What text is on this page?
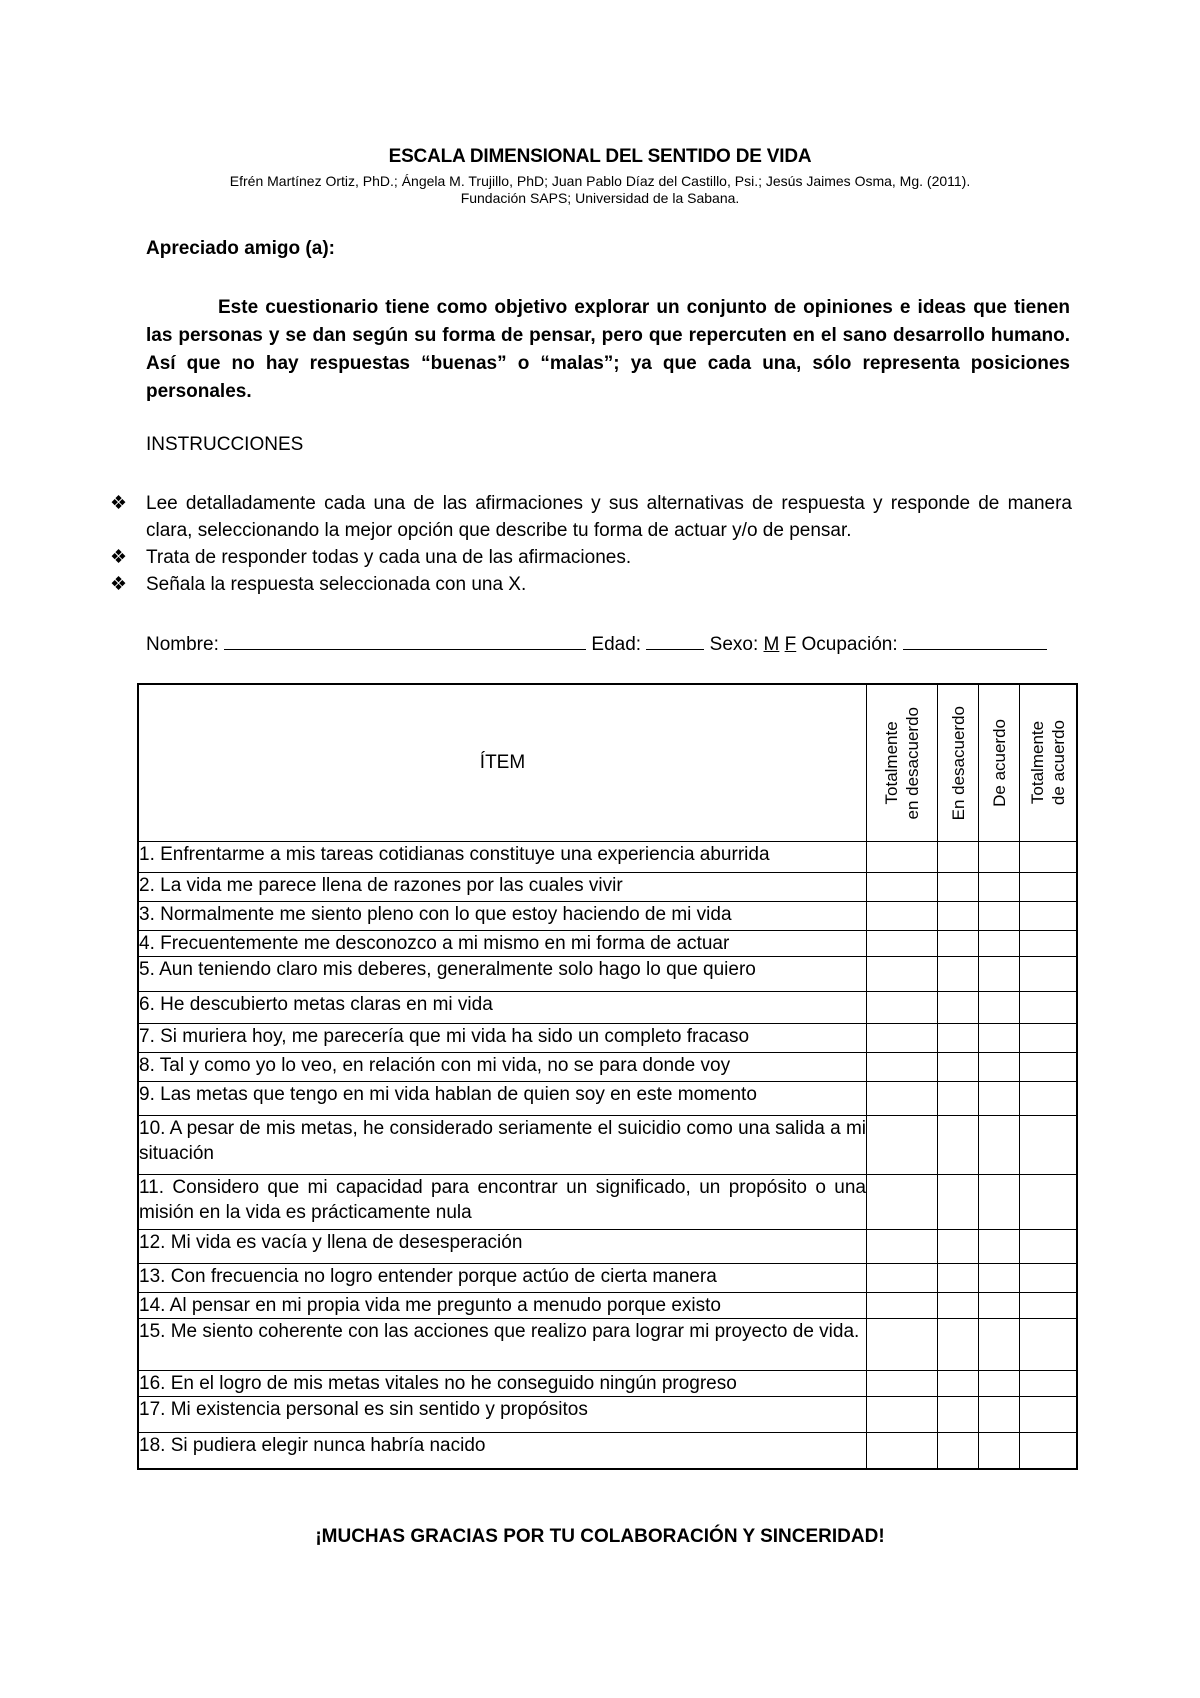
ESCALA DIMENSIONAL DEL SENTIDO DE VIDA
Efrén Martínez Ortiz, PhD.; Ángela M. Trujillo, PhD; Juan Pablo Díaz del Castillo, Psi.; Jesús Jaimes Osma, Mg. (2011).
Fundación SAPS; Universidad de la Sabana.
Apreciado amigo (a):
Este cuestionario tiene como objetivo explorar un conjunto de opiniones e ideas que tienen las personas y se dan según su forma de pensar, pero que repercuten en el sano desarrollo humano. Así que no hay respuestas “buenas” o “malas”; ya que cada una, sólo representa posiciones personales.
INSTRUCCIONES
❖ Lee detalladamente cada una de las afirmaciones y sus alternativas de respuesta y responde de manera clara, seleccionando la mejor opción que describe tu forma de actuar y/o de pensar.
❖ Trata de responder todas y cada una de las afirmaciones.
❖ Señala la respuesta seleccionada con una X.
Nombre:	Edad:	Sexo: M F Ocupación:
ÍTEM	Totalmente en desacuerdo	En desacuerdo	De acuerdo	Totalmente de acuerdo

1. Enfrentarme a mis tareas cotidianas constituye una experiencia aburrida				
2. La vida me parece llena de razones por las cuales vivir				
3. Normalmente me siento pleno con lo que estoy haciendo de mi vida				
4. Frecuentemente me desconozco a mi mismo en mi forma de actuar				
5. Aun teniendo claro mis deberes, generalmente solo hago lo que quiero				
6. He descubierto metas claras en mi vida				
7. Si muriera hoy, me parecería que mi vida ha sido un completo fracaso				
8. Tal y como yo lo veo, en relación con mi vida, no se para donde voy				
9. Las metas que tengo en mi vida hablan de quien soy en este momento				
10. A pesar de mis metas, he considerado seriamente el suicidio como una salida a mi situación				
11. Considero que mi capacidad para encontrar un significado, un propósito o una misión en la vida es prácticamente nula				
12. Mi vida es vacía y llena de desesperación				
13. Con frecuencia no logro entender porque actúo de cierta manera				
14. Al pensar en mi propia vida me pregunto a menudo porque existo				
15. Me siento coherente con las acciones que realizo para lograr mi proyecto de vida.				
16. En el logro de mis metas vitales no he conseguido ningún progreso				
17. Mi existencia personal es sin sentido y propósitos				
18. Si pudiera elegir nunca habría nacido				
¡MUCHAS GRACIAS POR TU COLABORACIÓN Y SINCERIDAD!
